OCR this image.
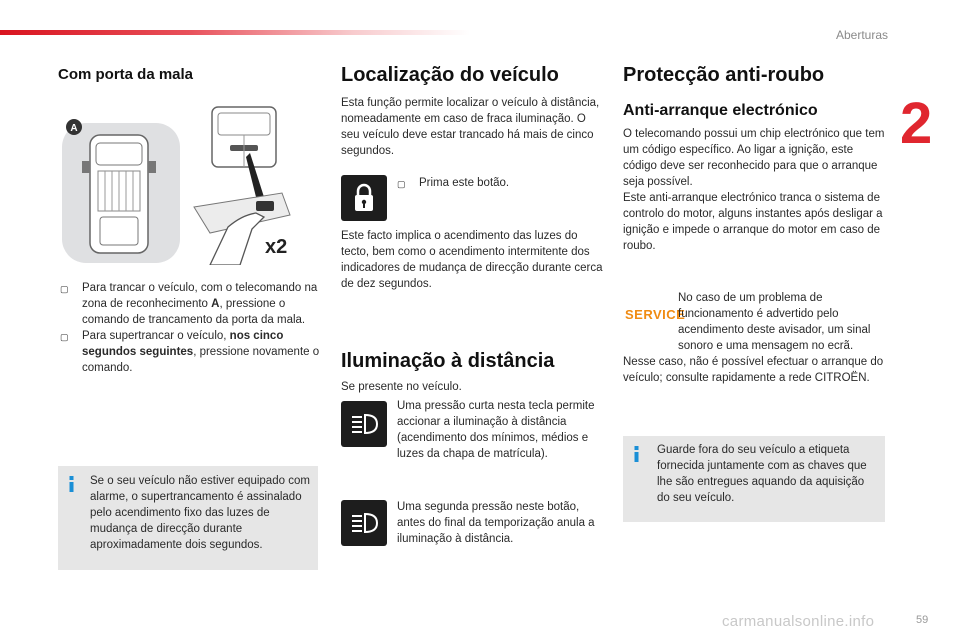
Aberturas
2
59
carmanualsonline.info
Com porta da mala
A
x2
▢	Para trancar o veículo, com o telecomando na zona de reconhecimento A, pressione o comando de trancamento da porta da mala.
▢	Para supertrancar o veículo, nos cinco segundos seguintes, pressione novamente o comando.
Se o seu veículo não estiver equipado com alarme, o supertrancamento é assinalado pelo acendimento fixo das luzes de mudança de direcção durante aproximadamente dois segundos.
Localização do veículo
Esta função permite localizar o veículo à distância, nomeadamente em caso de fraca iluminação. O seu veículo deve estar trancado há mais de cinco segundos.
▢	Prima este botão.
Este facto implica o acendimento das luzes do tecto, bem como o acendimento intermitente dos indicadores de mudança de direcção durante cerca de dez segundos.
Iluminação à distância
Se presente no veículo.
Uma pressão curta nesta tecla permite accionar a iluminação à distância (acendimento dos mínimos, médios e luzes da chapa de matrícula).
Uma segunda pressão neste botão, antes do final da temporização anula a iluminação à distância.
Protecção anti-roubo
Anti-arranque electrónico
O telecomando possui um chip electrónico que tem um código específico. Ao ligar a ignição, este código deve ser reconhecido para que o arranque seja possível.
Este anti-arranque electrónico tranca o sistema de controlo do motor, alguns instantes após desligar a ignição e impede o arranque do motor em caso de roubo.
SERVICE
No caso de um problema de funcionamento é advertido pelo acendimento deste avisador, um sinal sonoro e uma mensagem no ecrã.
Nesse caso, não é possível efectuar o arranque do veículo; consulte rapidamente a rede CITROËN.
Guarde fora do seu veículo a etiqueta fornecida juntamente com as chaves que lhe são entregues aquando da aquisição do seu veículo.
